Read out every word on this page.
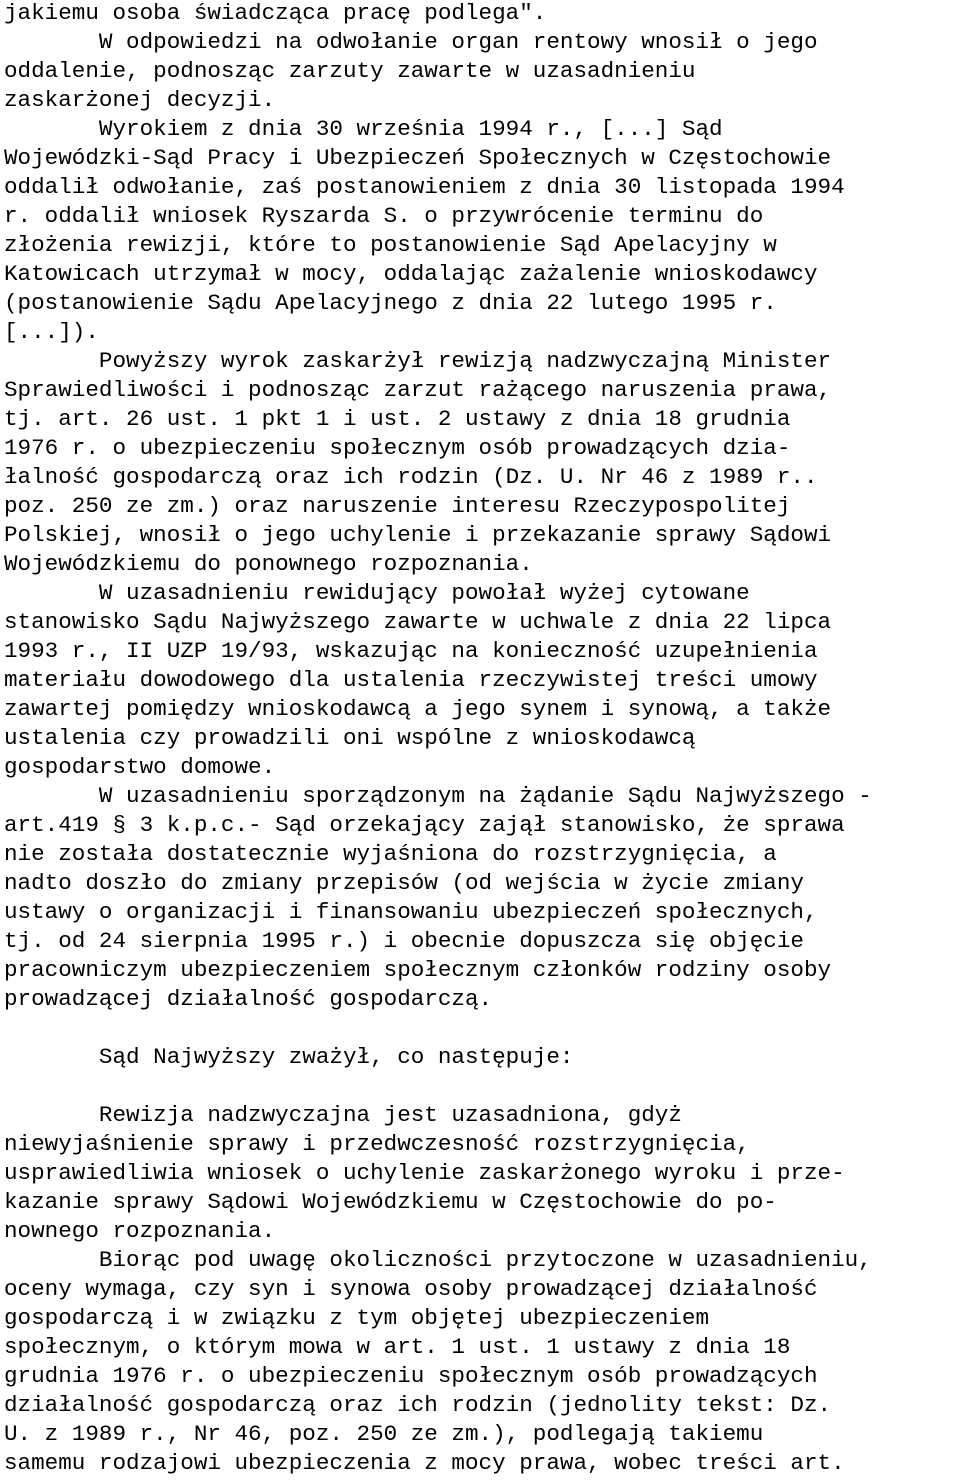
jakiemu osoba świadcząca pracę podlega".
W odpowiedzi na odwołanie organ rentowy wnosił o jego
oddalenie, podnosząc zarzuty zawarte w uzasadnieniu
zaskarżonej decyzji.
Wyrokiem z dnia 30 września 1994 r., [...] Sąd
Wojewódzki-Sąd Pracy i Ubezpieczeń Społecznych w Częstochowie
oddalił odwołanie, zaś postanowieniem z dnia 30 listopada 1994
r. oddalił wniosek Ryszarda S. o przywrócenie terminu do
złożenia rewizji, które to postanowienie Sąd Apelacyjny w
Katowicach utrzymał w mocy, oddalając zażalenie wnioskodawcy
(postanowienie Sądu Apelacyjnego z dnia 22 lutego 1995 r.
[...]).
Powyższy wyrok zaskarżył rewizją nadzwyczajną Minister
Sprawiedliwości i podnosząc zarzut rażącego naruszenia prawa,
tj. art. 26 ust. 1 pkt 1 i ust. 2 ustawy z dnia 18 grudnia
1976 r. o ubezpieczeniu społecznym osób prowadzących dzia-
łalność gospodarczą oraz ich rodzin (Dz. U. Nr 46 z 1989 r..
poz. 250 ze zm.) oraz naruszenie interesu Rzeczypospolitej
Polskiej, wnosił o jego uchylenie i przekazanie sprawy Sądowi
Wojewódzkiemu do ponownego rozpoznania.
W uzasadnieniu rewidujący powołał wyżej cytowane
stanowisko Sądu Najwyższego zawarte w uchwale z dnia 22 lipca
1993 r., II UZP 19/93, wskazując na konieczność uzupełnienia
materiału dowodowego dla ustalenia rzeczywistej treści umowy
zawartej pomiędzy wnioskodawcą a jego synem i synową, a także
ustalenia czy prowadzili oni wspólne z wnioskodawcą
gospodarstwo domowe.
W uzasadnieniu sporządzonym na żądanie Sądu Najwyższego -
art.419 § 3 k.p.c.- Sąd orzekający zajął stanowisko, że sprawa
nie została dostatecznie wyjaśniona do rozstrzygnięcia, a
nadto doszło do zmiany przepisów (od wejścia w życie zmiany
ustawy o organizacji i finansowaniu ubezpieczeń społecznych,
tj. od 24 sierpnia 1995 r.) i obecnie dopuszcza się objęcie
pracowniczym ubezpieczeniem społecznym członków rodziny osoby
prowadzącej działalność gospodarczą.
Sąd Najwyższy zważył, co następuje:
Rewizja nadzwyczajna jest uzasadniona, gdyż
niewyjaśnienie sprawy i przedwczesność rozstrzygnięcia,
usprawiedliwia wniosek o uchylenie zaskarżonego wyroku i prze-
kazanie sprawy Sądowi Wojewódzkiemu w Częstochowie do po-
nownego rozpoznania.
Biorąc pod uwagę okoliczności przytoczone w uzasadnieniu,
oceny wymaga, czy syn i synowa osoby prowadzącej działalność
gospodarczą i w związku z tym objętej ubezpieczeniem
społecznym, o którym mowa w art. 1 ust. 1 ustawy z dnia 18
grudnia 1976 r. o ubezpieczeniu społecznym osób prowadzących
działalność gospodarczą oraz ich rodzin (jednolity tekst: Dz.
U. z 1989 r., Nr 46, poz. 250 ze zm.), podlegają takiemu
samemu rodzajowi ubezpieczenia z mocy prawa, wobec treści art.
